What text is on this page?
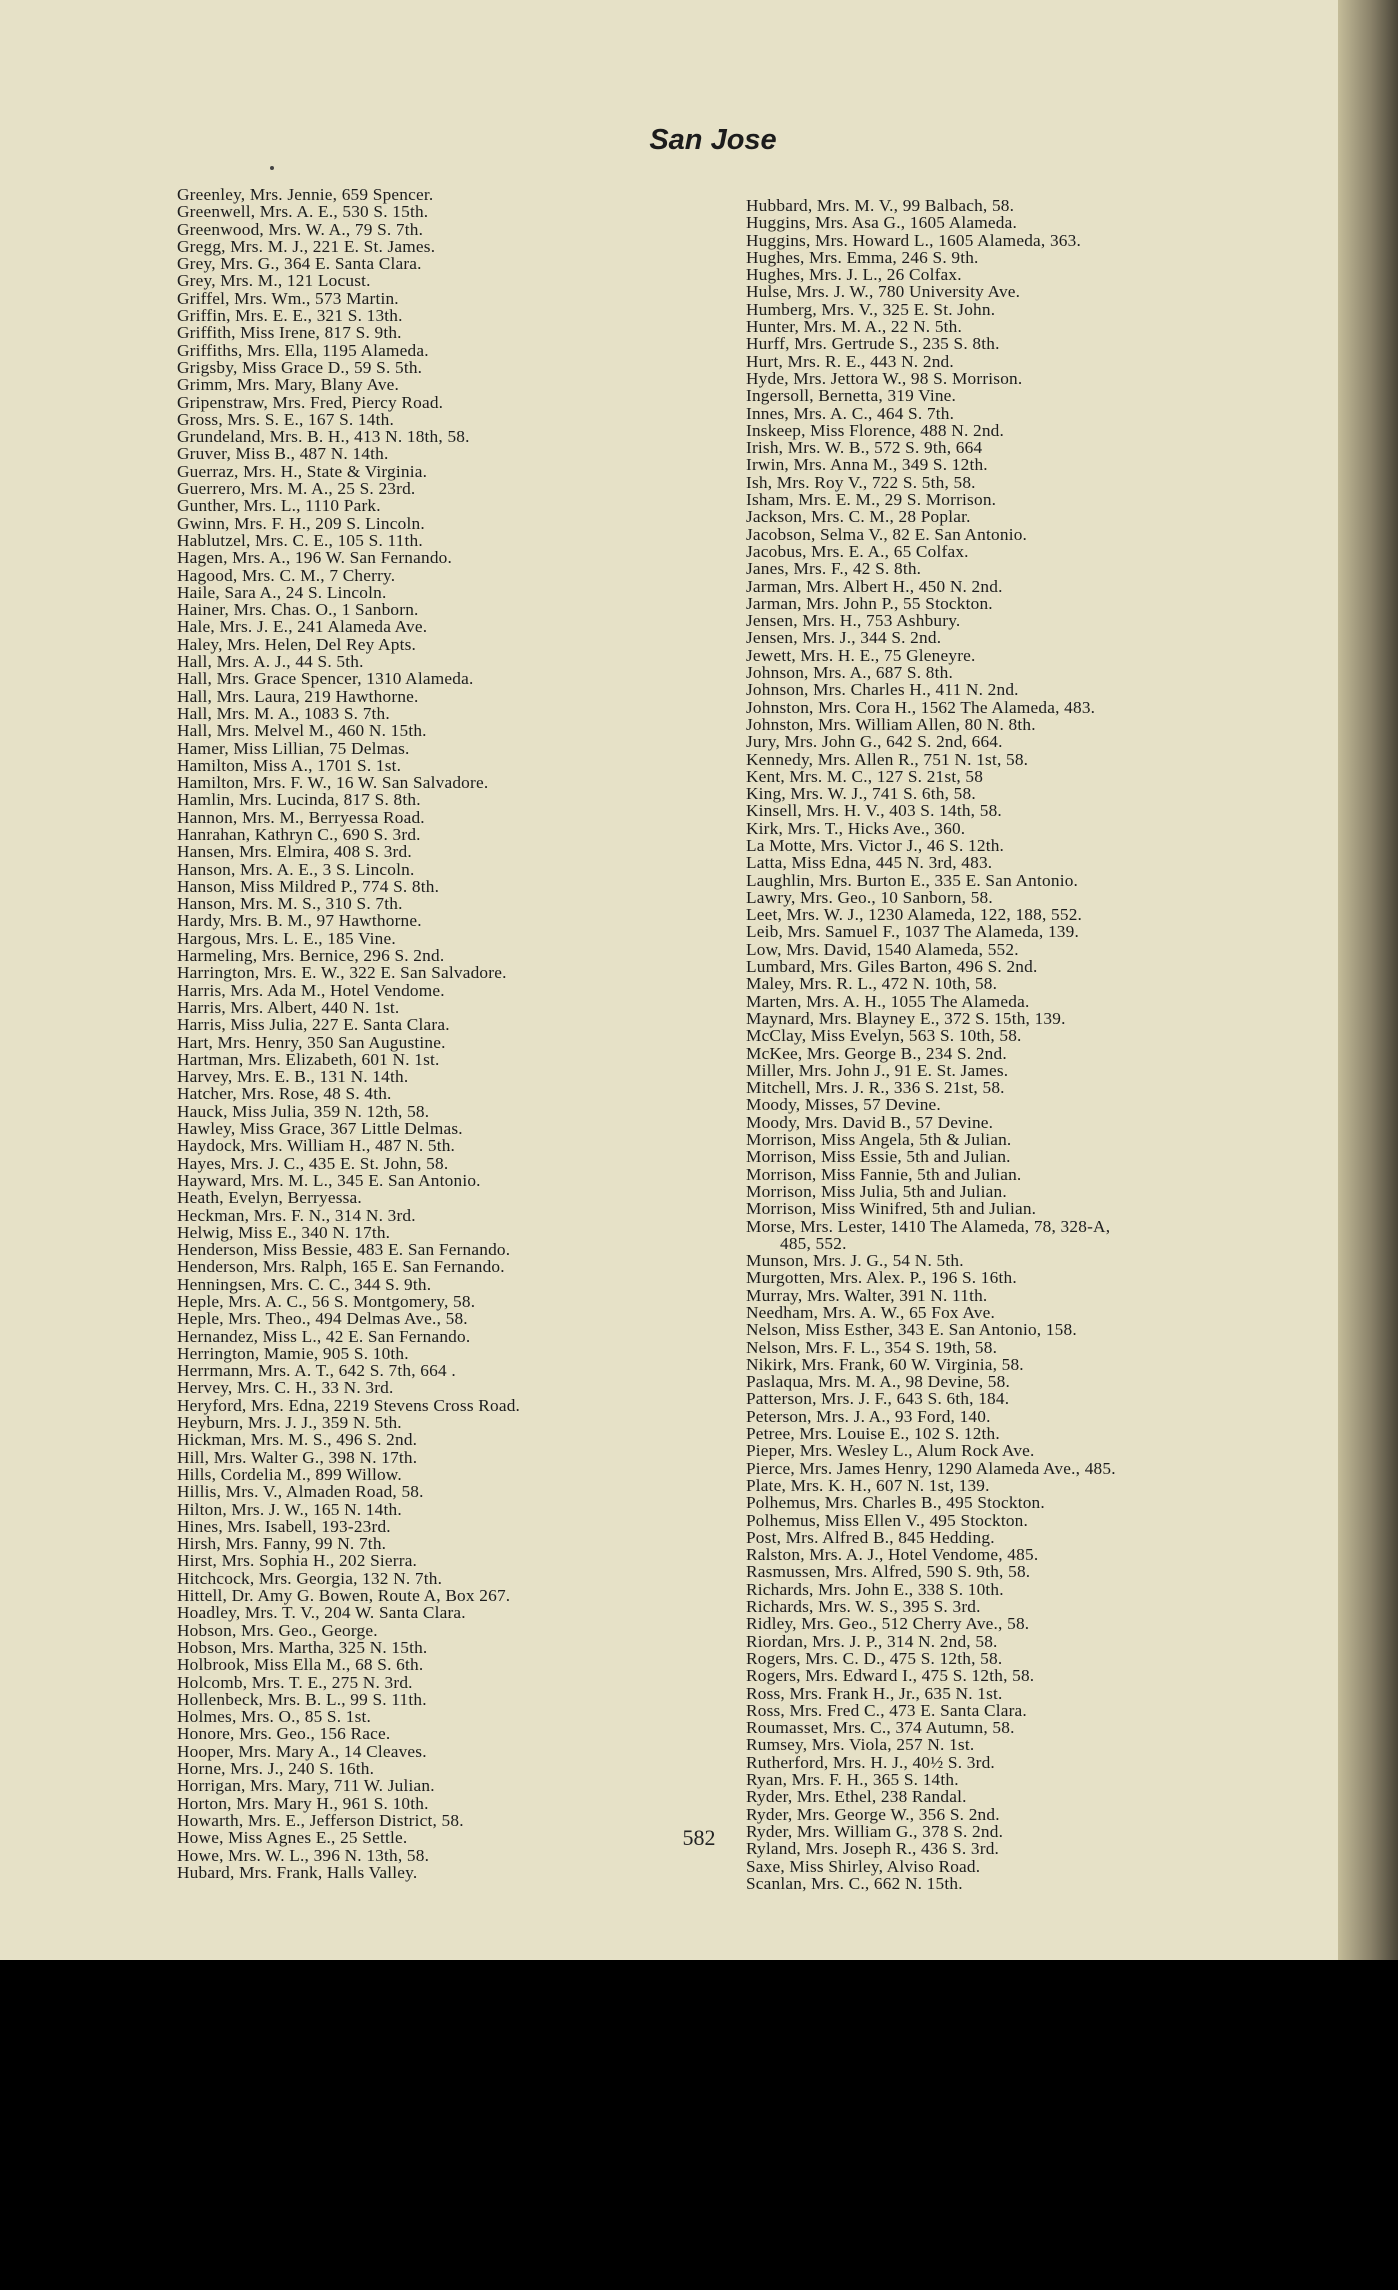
San Jose
Greenley, Mrs. Jennie, 659 Spencer.
Greenwell, Mrs. A. E., 530 S. 15th.
Greenwood, Mrs. W. A., 79 S. 7th.
Gregg, Mrs. M. J., 221 E. St. James.
Grey, Mrs. G., 364 E. Santa Clara.
Grey, Mrs. M., 121 Locust.
Griffel, Mrs. Wm., 573 Martin.
Griffin, Mrs. E. E., 321 S. 13th.
Griffith, Miss Irene, 817 S. 9th.
Griffiths, Mrs. Ella, 1195 Alameda.
Grigsby, Miss Grace D., 59 S. 5th.
Grimm, Mrs. Mary, Blany Ave.
Gripenstraw, Mrs. Fred, Piercy Road.
Gross, Mrs. S. E., 167 S. 14th.
Grundeland, Mrs. B. H., 413 N. 18th, 58.
Gruver, Miss B., 487 N. 14th.
Guerraz, Mrs. H., State & Virginia.
Guerrero, Mrs. M. A., 25 S. 23rd.
Gunther, Mrs. L., 1110 Park.
Gwinn, Mrs. F. H., 209 S. Lincoln.
Hablutzel, Mrs. C. E., 105 S. 11th.
Hagen, Mrs. A., 196 W. San Fernando.
Hagood, Mrs. C. M., 7 Cherry.
Haile, Sara A., 24 S. Lincoln.
Hainer, Mrs. Chas. O., 1 Sanborn.
Hale, Mrs. J. E., 241 Alameda Ave.
Haley, Mrs. Helen, Del Rey Apts.
Hall, Mrs. A. J., 44 S. 5th.
Hall, Mrs. Grace Spencer, 1310 Alameda.
Hall, Mrs. Laura, 219 Hawthorne.
Hall, Mrs. M. A., 1083 S. 7th.
Hall, Mrs. Melvel M., 460 N. 15th.
Hamer, Miss Lillian, 75 Delmas.
Hamilton, Miss A., 1701 S. 1st.
Hamilton, Mrs. F. W., 16 W. San Salvadore.
Hamlin, Mrs. Lucinda, 817 S. 8th.
Hannon, Mrs. M., Berryessa Road.
Hanrahan, Kathryn C., 690 S. 3rd.
Hansen, Mrs. Elmira, 408 S. 3rd.
Hanson, Mrs. A. E., 3 S. Lincoln.
Hanson, Miss Mildred P., 774 S. 8th.
Hanson, Mrs. M. S., 310 S. 7th.
Hardy, Mrs. B. M., 97 Hawthorne.
Hargous, Mrs. L. E., 185 Vine.
Harmeling, Mrs. Bernice, 296 S. 2nd.
Harrington, Mrs. E. W., 322 E. San Salvadore.
Harris, Mrs. Ada M., Hotel Vendome.
Harris, Mrs. Albert, 440 N. 1st.
Harris, Miss Julia, 227 E. Santa Clara.
Hart, Mrs. Henry, 350 San Augustine.
Hartman, Mrs. Elizabeth, 601 N. 1st.
Harvey, Mrs. E. B., 131 N. 14th.
Hatcher, Mrs. Rose, 48 S. 4th.
Hauck, Miss Julia, 359 N. 12th, 58.
Hawley, Miss Grace, 367 Little Delmas.
Haydock, Mrs. William H., 487 N. 5th.
Hayes, Mrs. J. C., 435 E. St. John, 58.
Hayward, Mrs. M. L., 345 E. San Antonio.
Heath, Evelyn, Berryessa.
Heckman, Mrs. F. N., 314 N. 3rd.
Helwig, Miss E., 340 N. 17th.
Henderson, Miss Bessie, 483 E. San Fernando.
Henderson, Mrs. Ralph, 165 E. San Fernando.
Henningsen, Mrs. C. C., 344 S. 9th.
Heple, Mrs. A. C., 56 S. Montgomery, 58.
Heple, Mrs. Theo., 494 Delmas Ave., 58.
Hernandez, Miss L., 42 E. San Fernando.
Herrington, Mamie, 905 S. 10th.
Herrmann, Mrs. A. T., 642 S. 7th, 664 .
Hervey, Mrs. C. H., 33 N. 3rd.
Heryford, Mrs. Edna, 2219 Stevens Cross Road.
Heyburn, Mrs. J. J., 359 N. 5th.
Hickman, Mrs. M. S., 496 S. 2nd.
Hill, Mrs. Walter G., 398 N. 17th.
Hills, Cordelia M., 899 Willow.
Hillis, Mrs. V., Almaden Road, 58.
Hilton, Mrs. J. W., 165 N. 14th.
Hines, Mrs. Isabell, 193-23rd.
Hirsh, Mrs. Fanny, 99 N. 7th.
Hirst, Mrs. Sophia H., 202 Sierra.
Hitchcock, Mrs. Georgia, 132 N. 7th.
Hittell, Dr. Amy G. Bowen, Route A, Box 267.
Hoadley, Mrs. T. V., 204 W. Santa Clara.
Hobson, Mrs. Geo., George.
Hobson, Mrs. Martha, 325 N. 15th.
Holbrook, Miss Ella M., 68 S. 6th.
Holcomb, Mrs. T. E., 275 N. 3rd.
Hollenbeck, Mrs. B. L., 99 S. 11th.
Holmes, Mrs. O., 85 S. 1st.
Honore, Mrs. Geo., 156 Race.
Hooper, Mrs. Mary A., 14 Cleaves.
Horne, Mrs. J., 240 S. 16th.
Horrigan, Mrs. Mary, 711 W. Julian.
Horton, Mrs. Mary H., 961 S. 10th.
Howarth, Mrs. E., Jefferson District, 58.
Howe, Miss Agnes E., 25 Settle.
Howe, Mrs. W. L., 396 N. 13th, 58.
Hubard, Mrs. Frank, Halls Valley.
Hubbard, Mrs. M. V., 99 Balbach, 58.
Huggins, Mrs. Asa G., 1605 Alameda.
Huggins, Mrs. Howard L., 1605 Alameda, 363.
Hughes, Mrs. Emma, 246 S. 9th.
Hughes, Mrs. J. L., 26 Colfax.
Hulse, Mrs. J. W., 780 University Ave.
Humberg, Mrs. V., 325 E. St. John.
Hunter, Mrs. M. A., 22 N. 5th.
Hurff, Mrs. Gertrude S., 235 S. 8th.
Hurt, Mrs. R. E., 443 N. 2nd.
Hyde, Mrs. Jettora W., 98 S. Morrison.
Ingersoll, Bernetta, 319 Vine.
Innes, Mrs. A. C., 464 S. 7th.
Inskeep, Miss Florence, 488 N. 2nd.
Irish, Mrs. W. B., 572 S. 9th, 664
Irwin, Mrs. Anna M., 349 S. 12th.
Ish, Mrs. Roy V., 722 S. 5th, 58.
Isham, Mrs. E. M., 29 S. Morrison.
Jackson, Mrs. C. M., 28 Poplar.
Jacobson, Selma V., 82 E. San Antonio.
Jacobus, Mrs. E. A., 65 Colfax.
Janes, Mrs. F., 42 S. 8th.
Jarman, Mrs. Albert H., 450 N. 2nd.
Jarman, Mrs. John P., 55 Stockton.
Jensen, Mrs. H., 753 Ashbury.
Jensen, Mrs. J., 344 S. 2nd.
Jewett, Mrs. H. E., 75 Gleneyre.
Johnson, Mrs. A., 687 S. 8th.
Johnson, Mrs. Charles H., 411 N. 2nd.
Johnston, Mrs. Cora H., 1562 The Alameda, 483.
Johnston, Mrs. William Allen, 80 N. 8th.
Jury, Mrs. John G., 642 S. 2nd, 664.
Kennedy, Mrs. Allen R., 751 N. 1st, 58.
Kent, Mrs. M. C., 127 S. 21st, 58
King, Mrs. W. J., 741 S. 6th, 58.
Kinsell, Mrs. H. V., 403 S. 14th, 58.
Kirk, Mrs. T., Hicks Ave., 360.
La Motte, Mrs. Victor J., 46 S. 12th.
Latta, Miss Edna, 445 N. 3rd, 483.
Laughlin, Mrs. Burton E., 335 E. San Antonio.
Lawry, Mrs. Geo., 10 Sanborn, 58.
Leet, Mrs. W. J., 1230 Alameda, 122, 188, 552.
Leib, Mrs. Samuel F., 1037 The Alameda, 139.
Low, Mrs. David, 1540 Alameda, 552.
Lumbard, Mrs. Giles Barton, 496 S. 2nd.
Maley, Mrs. R. L., 472 N. 10th, 58.
Marten, Mrs. A. H., 1055 The Alameda.
Maynard, Mrs. Blayney E., 372 S. 15th, 139.
McClay, Miss Evelyn, 563 S. 10th, 58.
McKee, Mrs. George B., 234 S. 2nd.
Miller, Mrs. John J., 91 E. St. James.
Mitchell, Mrs. J. R., 336 S. 21st, 58.
Moody, Misses, 57 Devine.
Moody, Mrs. David B., 57 Devine.
Morrison, Miss Angela, 5th & Julian.
Morrison, Miss Essie, 5th and Julian.
Morrison, Miss Fannie, 5th and Julian.
Morrison, Miss Julia, 5th and Julian.
Morrison, Miss Winifred, 5th and Julian.
Morse, Mrs. Lester, 1410 The Alameda, 78, 328-A,
485, 552.
Munson, Mrs. J. G., 54 N. 5th.
Murgotten, Mrs. Alex. P., 196 S. 16th.
Murray, Mrs. Walter, 391 N. 11th.
Needham, Mrs. A. W., 65 Fox Ave.
Nelson, Miss Esther, 343 E. San Antonio, 158.
Nelson, Mrs. F. L., 354 S. 19th, 58.
Nikirk, Mrs. Frank, 60 W. Virginia, 58.
Paslaqua, Mrs. M. A., 98 Devine, 58.
Patterson, Mrs. J. F., 643 S. 6th, 184.
Peterson, Mrs. J. A., 93 Ford, 140.
Petree, Mrs. Louise E., 102 S. 12th.
Pieper, Mrs. Wesley L., Alum Rock Ave.
Pierce, Mrs. James Henry, 1290 Alameda Ave., 485.
Plate, Mrs. K. H., 607 N. 1st, 139.
Polhemus, Mrs. Charles B., 495 Stockton.
Polhemus, Miss Ellen V., 495 Stockton.
Post, Mrs. Alfred B., 845 Hedding.
Ralston, Mrs. A. J., Hotel Vendome, 485.
Rasmussen, Mrs. Alfred, 590 S. 9th, 58.
Richards, Mrs. John E., 338 S. 10th.
Richards, Mrs. W. S., 395 S. 3rd.
Ridley, Mrs. Geo., 512 Cherry Ave., 58.
Riordan, Mrs. J. P., 314 N. 2nd, 58.
Rogers, Mrs. C. D., 475 S. 12th, 58.
Rogers, Mrs. Edward I., 475 S. 12th, 58.
Ross, Mrs. Frank H., Jr., 635 N. 1st.
Ross, Mrs. Fred C., 473 E. Santa Clara.
Roumasset, Mrs. C., 374 Autumn, 58.
Rumsey, Mrs. Viola, 257 N. 1st.
Rutherford, Mrs. H. J., 40½ S. 3rd.
Ryan, Mrs. F. H., 365 S. 14th.
Ryder, Mrs. Ethel, 238 Randal.
Ryder, Mrs. George W., 356 S. 2nd.
Ryder, Mrs. William G., 378 S. 2nd.
Ryland, Mrs. Joseph R., 436 S. 3rd.
Saxe, Miss Shirley, Alviso Road.
Scanlan, Mrs. C., 662 N. 15th.
582
